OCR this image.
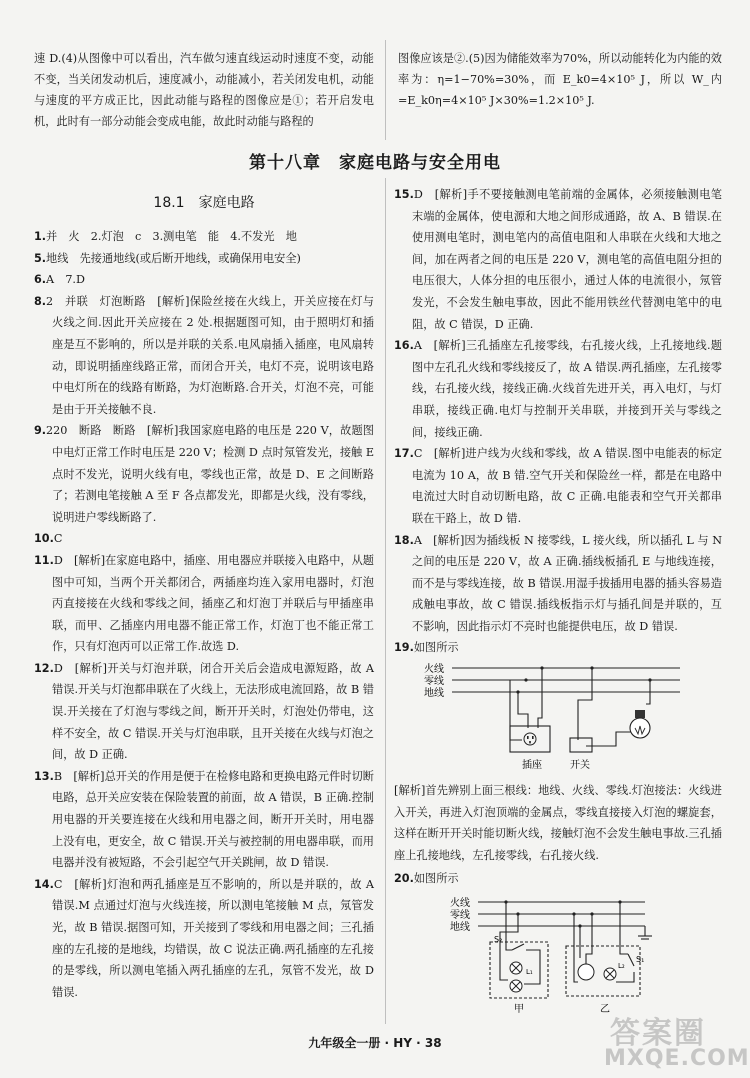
速 D.(4)从图像中可以看出，汽车做匀速直线运动时速度不变，动能不变，当关闭发动机后，速度减小，动能减小，若关闭发电机，动能与速度的平方成正比，因此动能与路程的图像应是①；若开启发电机，此时有一部分动能会变成电能，故此时动能与路程的

图像应该是②.(5)因为储能效率为70%，所以动能转化为内能的效率为：η=1−70%=30%，而 E_k0=4×10⁵ J，所以 W_内=E_k0η=4×10⁵ J×30%=1.2×10⁵ J.

第十八章　家庭电路与安全用电
18.1　家庭电路

1.并　火　2.灯泡　c　3.测电笔　能　4.不发光　地

5.地线　先接通地线(或后断开地线，或确保用电安全)

6.A　7.D

8.2　并联　灯泡断路　[解析]保险丝接在火线上，开关应接在灯与火线之间.因此开关应接在 2 处.根据题图可知，由于照明灯和插座是互不影响的，所以是并联的关系.电风扇插入插座，电风扇转动，即说明插座线路正常，而闭合开关，电灯不亮，说明该电路中电灯所在的线路有断路，为灯泡断路.合开关，灯泡不亮，可能是由于开关接触不良.

9.220　断路　断路　[解析]我国家庭电路的电压是 220 V，故题图中电灯正常工作时电压是 220 V；检测 D 点时氖管发光，接触 E 点时不发光，说明火线有电，零线也正常，故是 D、E 之间断路了；若测电笔接触 A 至 F 各点都发光，即都是火线，没有零线，说明进户零线断路了.

10.C

11.D　[解析]在家庭电路中，插座、用电器应并联接入电路中，从题图中可知，当两个开关都闭合，两插座均连入家用电器时，灯泡丙直接接在火线和零线之间，插座乙和灯泡丁并联后与甲插座串联，而甲、乙插座内用电器不能正常工作，灯泡丁也不能正常工作，只有灯泡丙可以正常工作.故选 D.

12.D　[解析]开关与灯泡并联，闭合开关后会造成电源短路，故 A 错误.开关与灯泡都串联在了火线上，无法形成电流回路，故 B 错误.开关接在了灯泡与零线之间，断开开关时，灯泡处仍带电，这样不安全，故 C 错误.开关与灯泡串联，且开关接在火线与灯泡之间，故 D 正确.

13.B　[解析]总开关的作用是便于在检修电路和更换电路元件时切断电路，总开关应安装在保险装置的前面，故 A 错误，B 正确.控制用电器的开关要连接在火线和用电器之间，断开开关时，用电器上没有电，更安全，故 C 错误.开关与被控制的用电器串联，而用电器并没有被短路，不会引起空气开关跳闸，故 D 错误.

14.C　[解析]灯泡和两孔插座是互不影响的，所以是并联的，故 A 错误.M 点通过灯泡与火线连接，所以测电笔接触 M 点，氖管发光，故 B 错误.据图可知，开关接到了零线和用电器之间；三孔插座的左孔接的是地线，均错误，故 C 说法正确.两孔插座的左孔接的是零线，所以测电笔插入两孔插座的左孔，氖管不发光，故 D 错误.

15.D　[解析]手不要接触测电笔前端的金属体，必须接触测电笔末端的金属体，使电源和大地之间形成通路，故 A、B 错误.在使用测电笔时，测电笔内的高值电阻和人串联在火线和大地之间，加在两者之间的电压是 220 V，测电笔的高值电阻分担的电压很大，人体分担的电压很小，通过人体的电流很小，氖管发光，不会发生触电事故，因此不能用铁丝代替测电笔中的电阻，故 C 错误，D 正确.

16.A　[解析]三孔插座左孔接零线，右孔接火线，上孔接地线.题图中左孔孔火线和零线接反了，故 A 错误.两孔插座，左孔接零线，右孔接火线，接线正确.火线首先进开关，再入电灯，与灯串联，接线正确.电灯与控制开关串联，并接到开关与零线之间，接线正确.

17.C　[解析]进户线为火线和零线，故 A 错误.图中电能表的标定电流为 10 A，故 B 错.空气开关和保险丝一样，都是在电路中电流过大时自动切断电路，故 C 正确.电能表和空气开关都串联在干路上，故 D 错.

18.A　[解析]因为插线板 N 接零线，L 接火线，所以插孔 L 与 N 之间的电压是 220 V，故 A 正确.插线板插孔 E 与地线连接，而不是与零线连接，故 B 错误.用湿手拔插用电器的插头容易造成触电事故，故 C 错误.插线板指示灯与插孔间是并联的，互不影响，因此指示灯不亮时也能提供电压，故 D 错误.

19.如图所示

火线
零线
地线
插座	开关

[解析]首先辨别上面三根线：地线、火线、零线.灯泡接法：火线进入开关，再进入灯泡顶端的金属点，零线直接接入灯泡的螺旋套，这样在断开开关时能切断火线，接触灯泡不会发生触电事故.三孔插座上孔接地线，左孔接零线，右孔接火线.

20.如图所示

火线
零线
地线
S₂
L₁
L₂
S₁
甲	乙
九年级全一册 · HY · 38	答案圈
MXQE.COM
